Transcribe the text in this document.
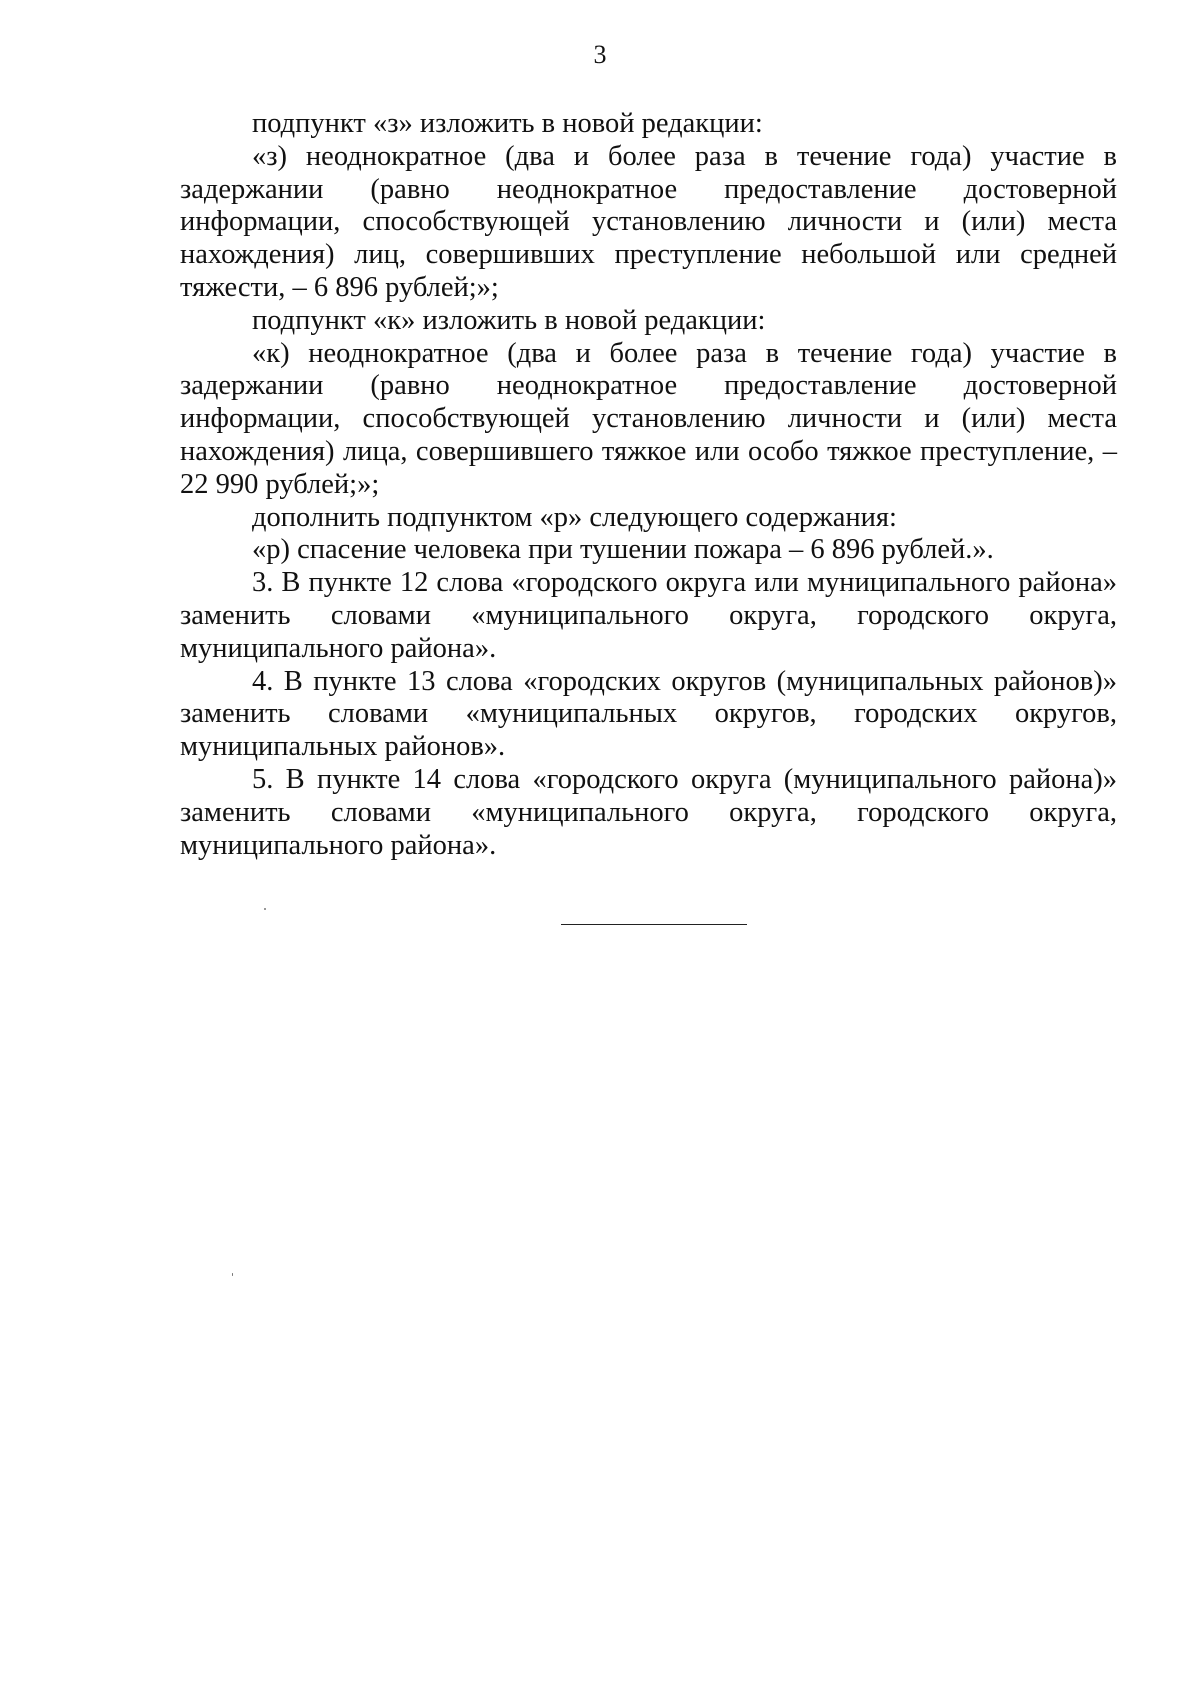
3

подпункт «з» изложить в новой редакции:

«з) неоднократное (два и более раза в течение года) участие в задержании (равно неоднократное предоставление достоверной информации, способствующей установлению личности и (или) места нахождения) лиц, совершивших преступление небольшой или средней тяжести, – 6 896 рублей;»;

подпункт «к» изложить в новой редакции:

«к) неоднократное (два и более раза в течение года) участие в задержании (равно неоднократное предоставление достоверной информации, способствующей установлению личности и (или) места нахождения) лица, совершившего тяжкое или особо тяжкое преступление, – 22 990 рублей;»;

дополнить подпунктом «р» следующего содержания:

«р) спасение человека при тушении пожара – 6 896 рублей.».

3. В пункте 12 слова «городского округа или муниципального района» заменить словами «муниципального округа, городского округа, муниципального района».

4. В пункте 13 слова «городских округов (муниципальных районов)» заменить словами «муниципальных округов, городских округов, муниципальных районов».

5. В пункте 14 слова «городского округа (муниципального района)» заменить словами «муниципального округа, городского округа, муниципального района».
